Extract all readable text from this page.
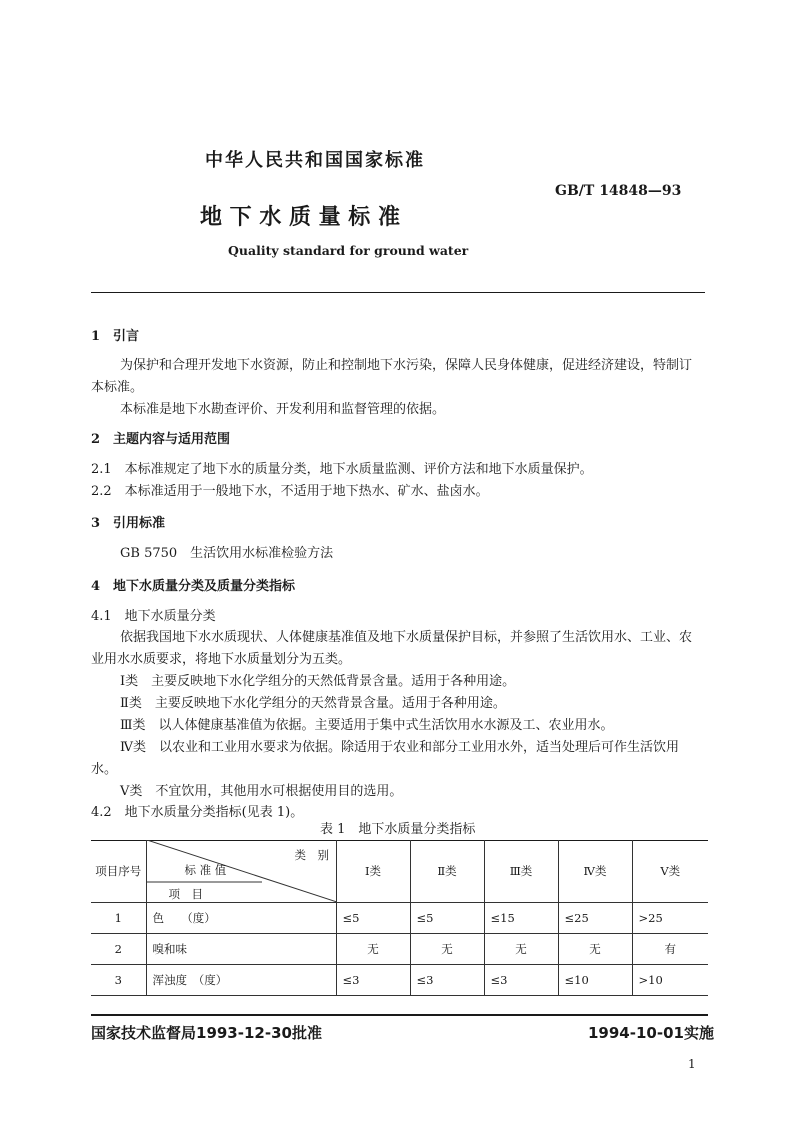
中华人民共和国国家标准
GB/T 14848—93
地 下 水 质 量 标 准
Quality standard for ground water
1　引言
为保护和合理开发地下水资源，防止和控制地下水污染，保障人民身体健康，促进经济建设，特制订
本标准。
本标准是地下水勘查评价、开发利用和监督管理的依据。
2　主题内容与适用范围
2.1　本标准规定了地下水的质量分类，地下水质量监测、评价方法和地下水质量保护。
2.2　本标准适用于一般地下水，不适用于地下热水、矿水、盐卤水。
3　引用标准
GB 5750　生活饮用水标准检验方法
4　地下水质量分类及质量分类指标
4.1　地下水质量分类
依据我国地下水水质现状、人体健康基准值及地下水质量保护目标，并参照了生活饮用水、工业、农
业用水水质要求，将地下水质量划分为五类。
Ⅰ类　主要反映地下水化学组分的天然低背景含量。适用于各种用途。
Ⅱ类　主要反映地下水化学组分的天然背景含量。适用于各种用途。
Ⅲ类　以人体健康基准值为依据。主要适用于集中式生活饮用水水源及工、农业用水。
Ⅳ类　以农业和工业用水要求为依据。除适用于农业和部分工业用水外，适当处理后可作生活饮用
水。
Ⅴ类　不宜饮用，其他用水可根据使用目的选用。
4.2　地下水质量分类指标(见表 1)。
表 1　地下水质量分类指标
项目序号	类　别
标 准 值
项　目	Ⅰ类	Ⅱ类	Ⅲ类	Ⅳ类	Ⅴ类
1	色　　（度）	≤5	≤5	≤15	≤25	>25
2	嗅和味	无	无	无	无	有
3	浑浊度　（度）	≤3	≤3	≤3	≤10	>10
国家技术监督局1993-12-30批准	1994-10-01实施
1
